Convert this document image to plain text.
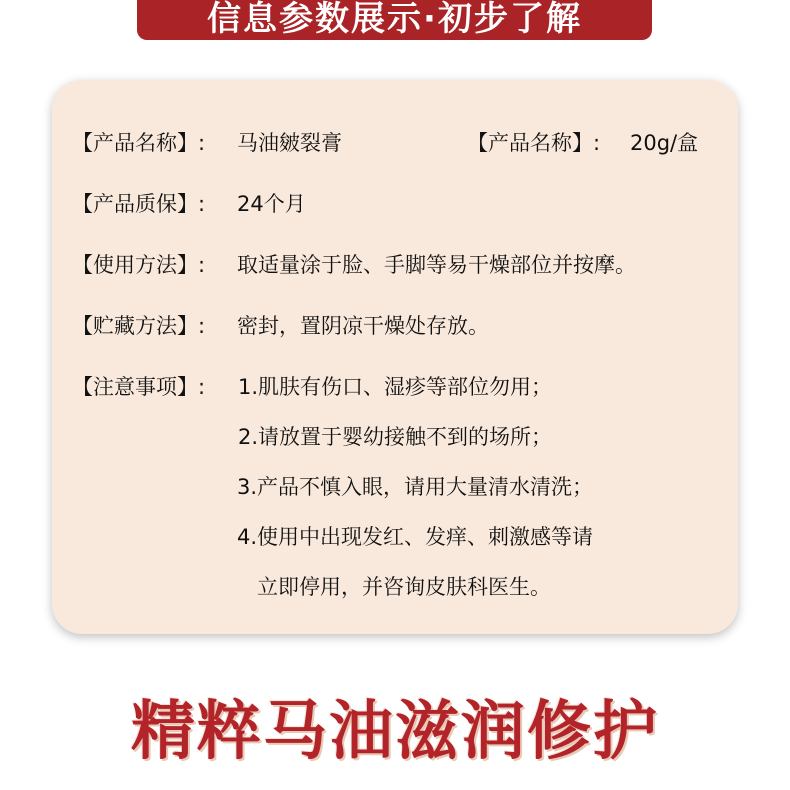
信息参数展示·初步了解
【产品名称】: 马油皴裂膏	【产品名称】: 20g/盒
【产品质保】: 24个月
【使用方法】: 取适量涂于脸、手脚等易干燥部位并按摩。
【贮藏方法】: 密封，置阴凉干燥处存放。
【注意事项】: 1.肌肤有伤口、湿疹等部位勿用；
2.请放置于婴幼接触不到的场所；
3.产品不慎入眼，请用大量清水清洗；
4.使用中出现发红、发痒、刺激感等请
立即停用，并咨询皮肤科医生。
精粹马油滋润修护
